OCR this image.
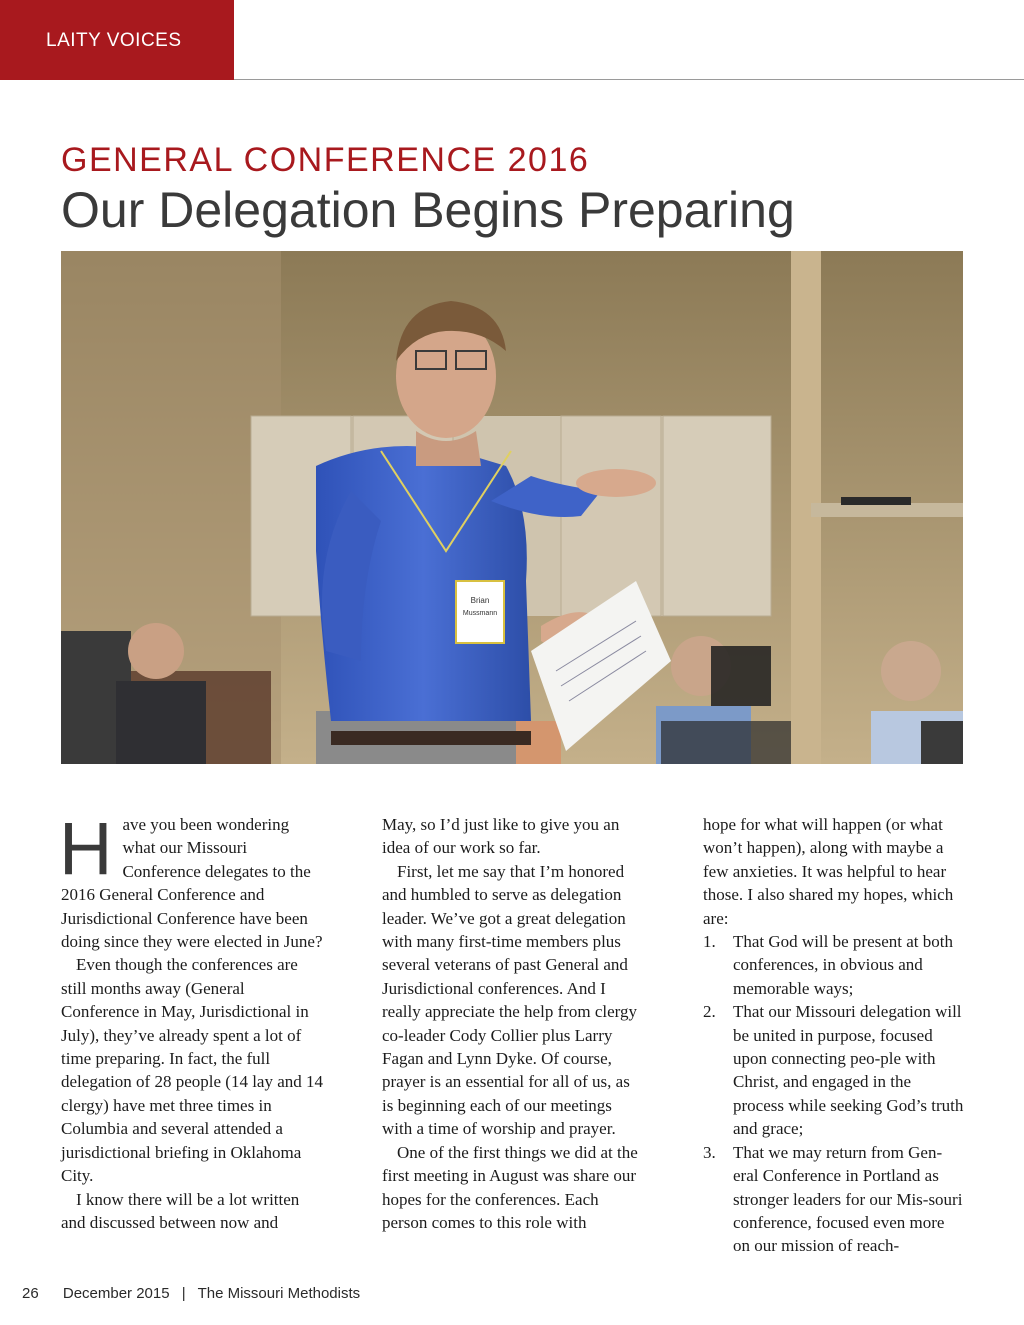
LAITY VOICES
GENERAL CONFERENCE 2016
Our Delegation Begins Preparing
Brian
Mussmann

H ave you been wondering what our Missouri Conference delegates to the 2016 General Conference and Jurisdictional Conference have been doing since they were elected in June?

Even though the conferences are still months away (General Conference in May, Jurisdictional in July), they’ve already spent a lot of time preparing. In fact, the full delegation of 28 people (14 lay and 14 clergy) have met three times in Columbia and several attended a jurisdictional briefing in Oklahoma City.

I know there will be a lot written and discussed between now and

May, so I’d just like to give you an idea of our work so far.

First, let me say that I’m honored and humbled to serve as delegation leader. We’ve got a great delegation with many first-time members plus several veterans of past General and Jurisdictional conferences. And I really appreciate the help from clergy co-leader Cody Collier plus Larry Fagan and Lynn Dyke. Of course, prayer is an essential for all of us, as is beginning each of our meetings with a time of worship and prayer.

One of the first things we did at the first meeting in August was share our hopes for the conferences. Each person comes to this role with

hope for what will happen (or what won’t happen), along with maybe a few anxieties. It was helpful to hear those. I also shared my hopes, which are:

1. That God will be present at both conferences, in obvious and memorable ways;
2. That our Missouri delegation will be united in purpose, focused upon connecting peo-ple with Christ, and engaged in the process while seeking God’s truth and grace;
3. That we may return from Gen-eral Conference in Portland as stronger leaders for our Mis-souri conference, focused even more on our mission of reach-
26 December 2015 | The Missouri Methodists
